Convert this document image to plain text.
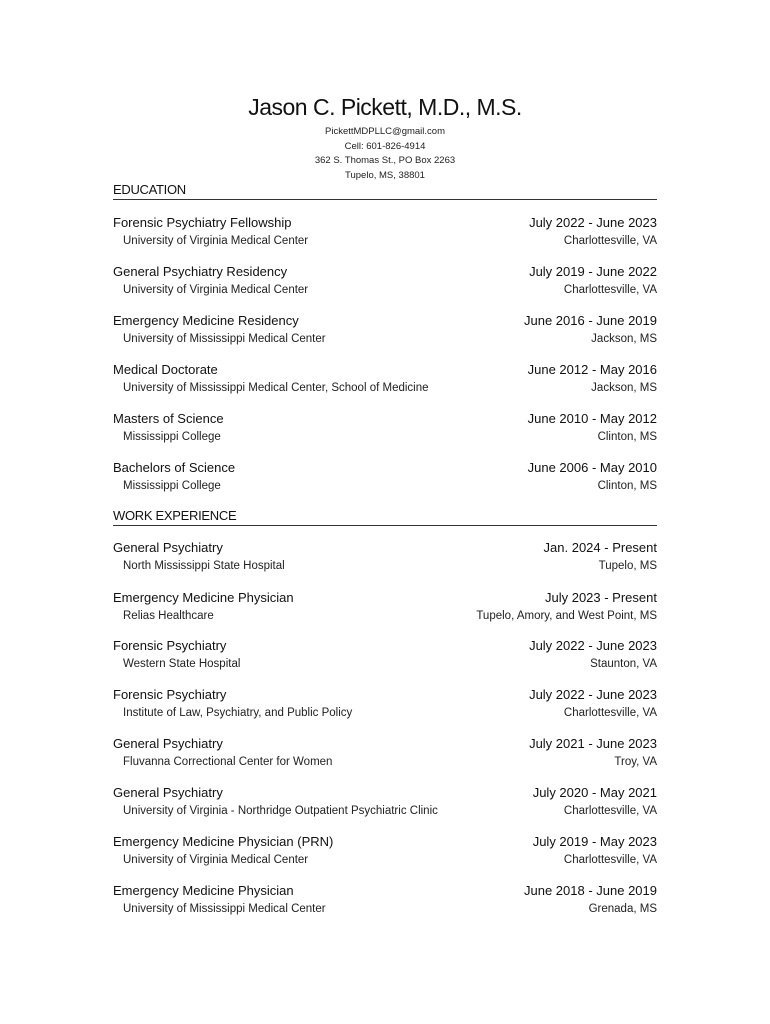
Jason C. Pickett, M.D., M.S.
PickettMDPLLC@gmail.com
Cell: 601-826-4914
362 S. Thomas St., PO Box 2263
Tupelo, MS, 38801
EDUCATION
Forensic Psychiatry Fellowship	July 2022 - June 2023
University of Virginia Medical Center	Charlottesville, VA
General Psychiatry Residency	July 2019 - June 2022
University of Virginia Medical Center	Charlottesville, VA
Emergency Medicine Residency	June 2016 - June 2019
University of Mississippi Medical Center	Jackson, MS
Medical Doctorate	June 2012 - May 2016
University of Mississippi Medical Center, School of Medicine	Jackson, MS
Masters of Science	June 2010 - May 2012
Mississippi College	Clinton, MS
Bachelors of Science	June 2006 - May 2010
Mississippi College	Clinton, MS
WORK EXPERIENCE
General Psychiatry	Jan. 2024 - Present
North Mississippi State Hospital	Tupelo, MS
Emergency Medicine Physician	July 2023 - Present
Relias Healthcare	Tupelo, Amory, and West Point, MS
Forensic Psychiatry	July 2022 - June 2023
Western State Hospital	Staunton, VA
Forensic Psychiatry	July 2022 - June 2023
Institute of Law, Psychiatry, and Public Policy	Charlottesville, VA
General Psychiatry	July 2021 - June 2023
Fluvanna Correctional Center for Women	Troy, VA
General Psychiatry	July 2020 - May 2021
University of Virginia - Northridge Outpatient Psychiatric Clinic	Charlottesville, VA
Emergency Medicine Physician (PRN)	July 2019 - May 2023
University of Virginia Medical Center	Charlottesville, VA
Emergency Medicine Physician	June 2018 - June 2019
University of Mississippi Medical Center	Grenada, MS
